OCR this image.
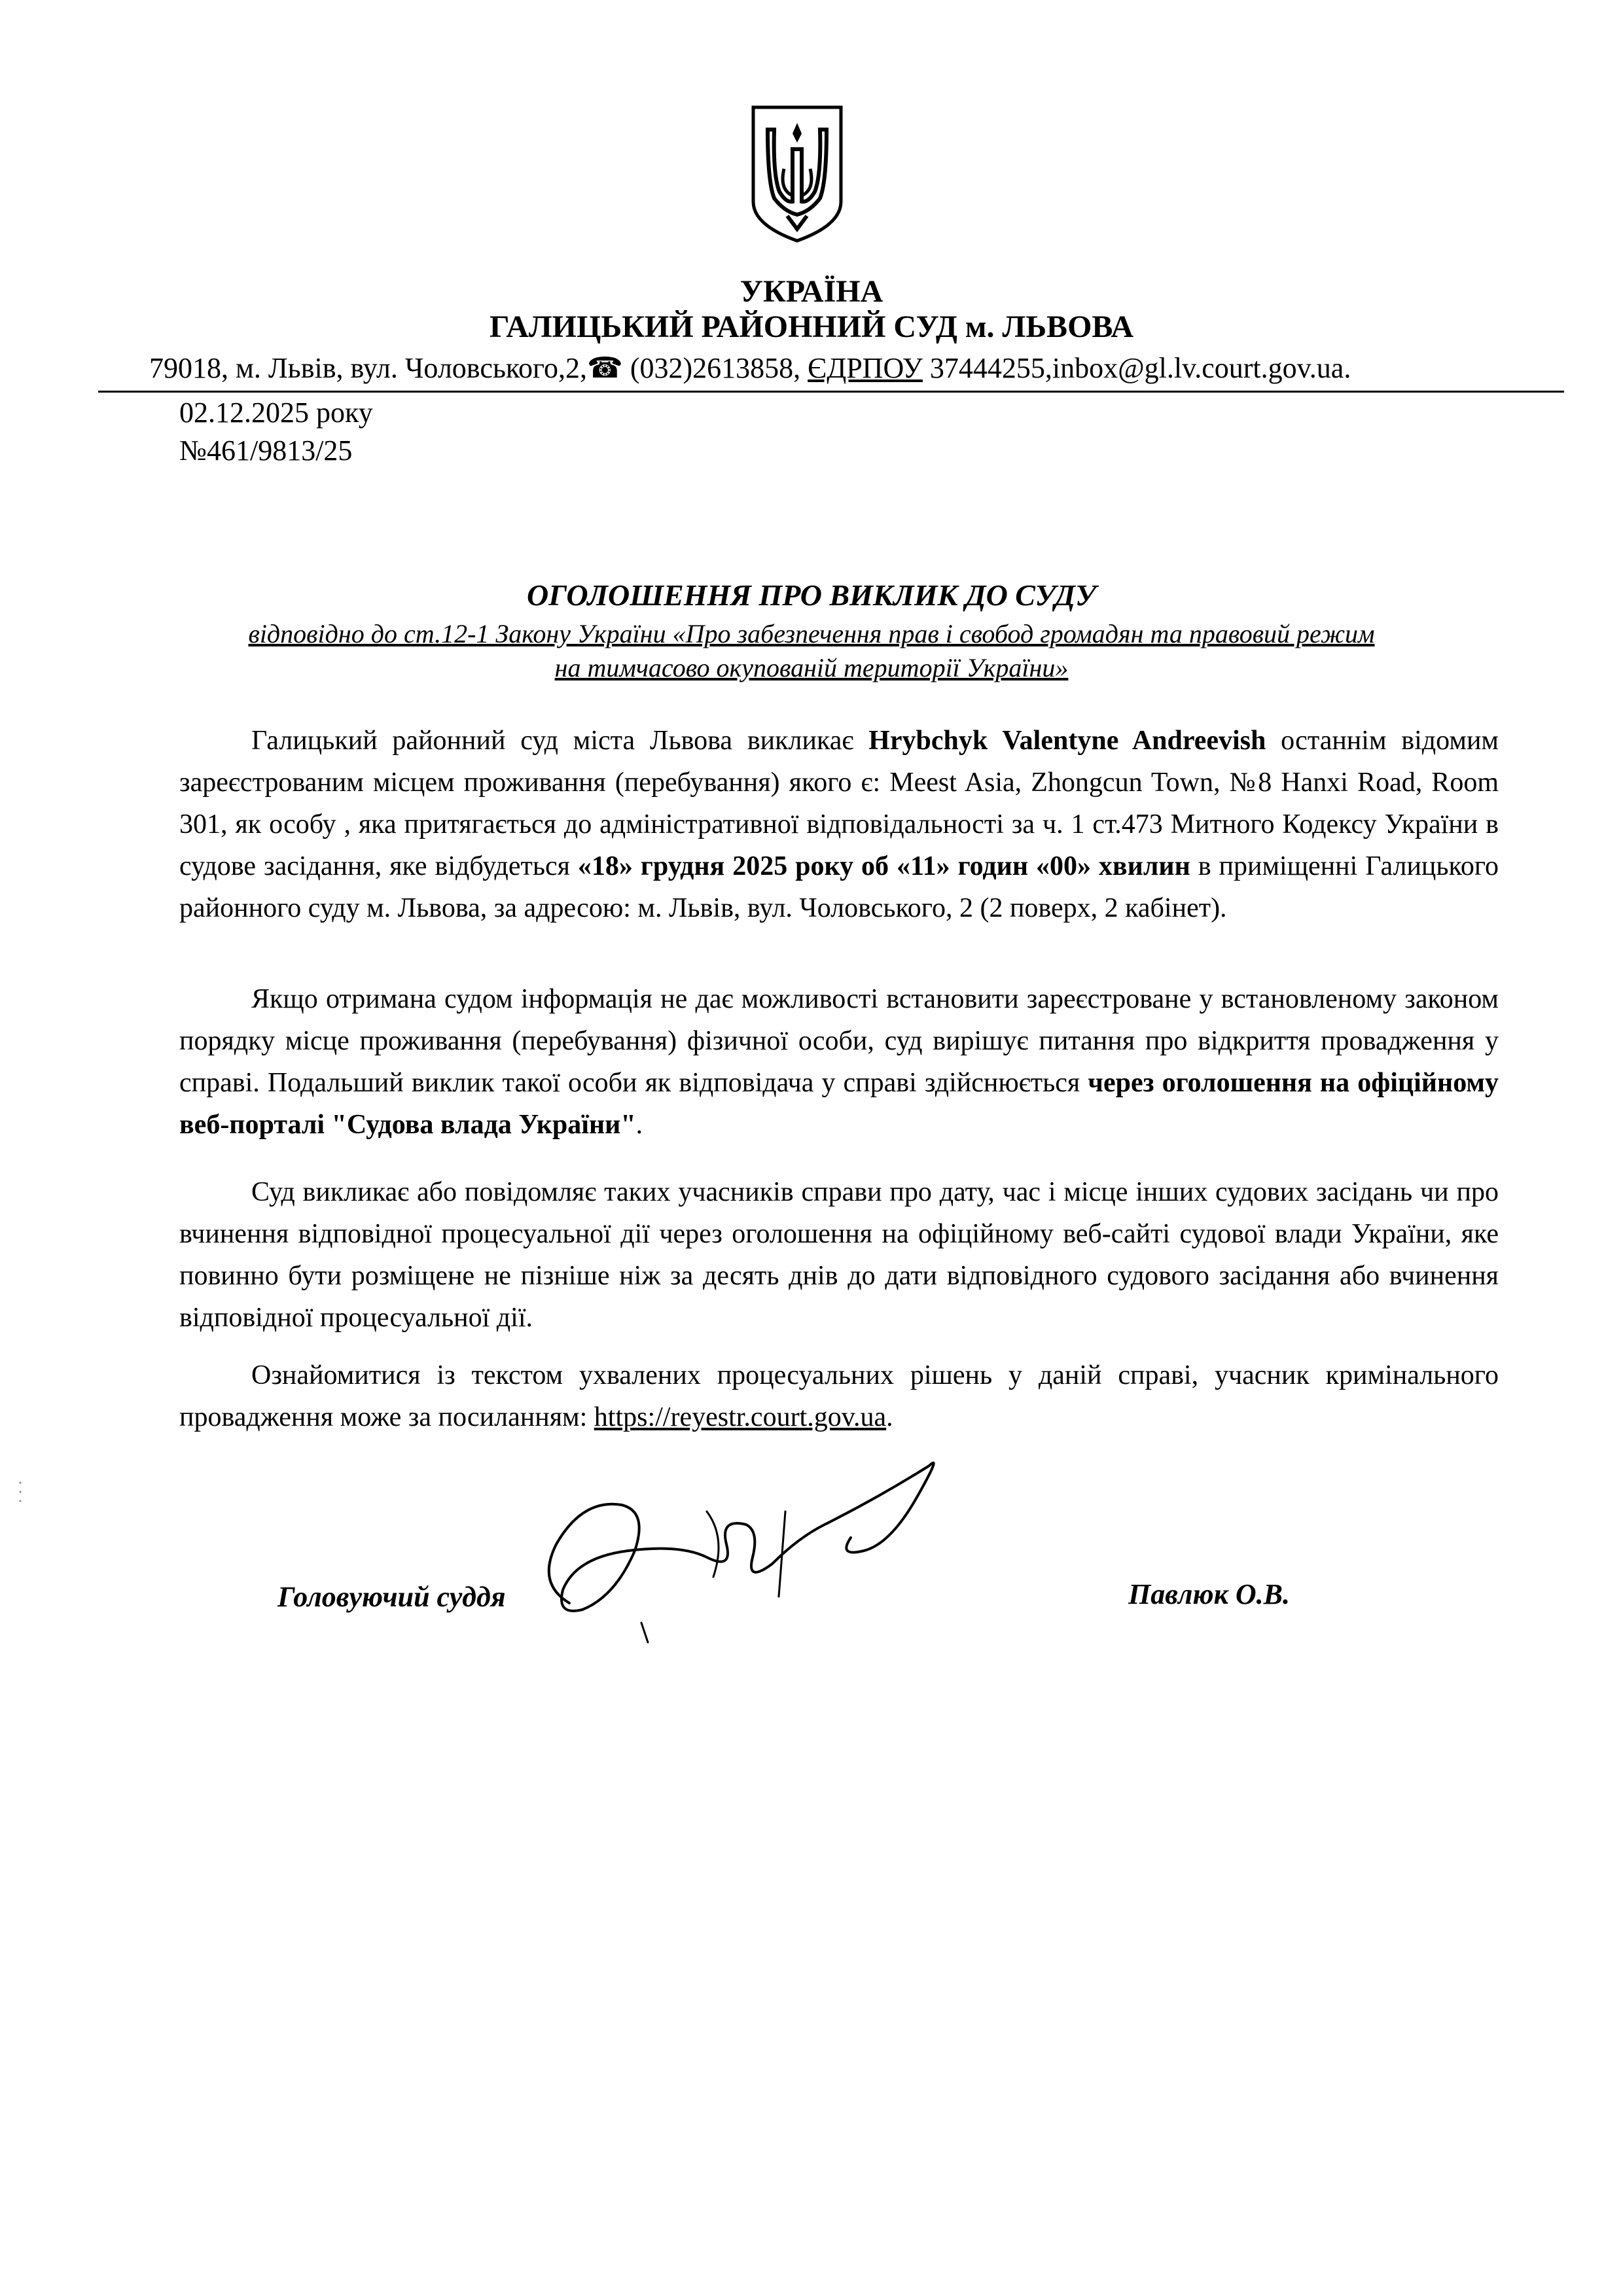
УКРАЇНА
ГАЛИЦЬКИЙ РАЙОННИЙ СУД м. ЛЬВОВА
79018, м. Львів, вул. Чоловського,2,☎ (032)2613858, ЄДРПОУ 37444255,inbox@gl.lv.court.gov.ua.
02.12.2025 року
№461/9813/25
ОГОЛОШЕННЯ ПРО ВИКЛИК ДО СУДУ
відповідно до ст.12-1 Закону України «Про забезпечення прав і свобод громадян та правовий режим
на тимчасово окупованій території України»

Галицький районний суд міста Львова викликає Hrybchyk Valentyne Andreevish останнім відомим зареєстрованим місцем проживання (перебування) якого є: Meest Asia, Zhongcun Town, №8 Hanxi Road, Room 301, як особу , яка притягається до адміністративної відповідальності за ч. 1 ст.473 Митного Кодексу України в судове засідання, яке відбудеться «18» грудня 2025 року об «11» годин «00» хвилин в приміщенні Галицького районного суду м. Львова, за адресою: м. Львів, вул. Чоловського, 2 (2 поверх, 2 кабінет).

Якщо отримана судом інформація не дає можливості встановити зареєстроване у встановленому законом порядку місце проживання (перебування) фізичної особи, суд вирішує питання про відкриття провадження у справі. Подальший виклик такої особи як відповідача у справі здійснюється через оголошення на офіційному веб-порталі "Судова влада України".

Суд викликає або повідомляє таких учасників справи про дату, час і місце інших судових засідань чи про вчинення відповідної процесуальної дії через оголошення на офіційному веб-сайті судової влади України, яке повинно бути розміщене не пізніше ніж за десять днів до дати відповідного судового засідання або вчинення відповідної процесуальної дії.

Ознайомитися із текстом ухвалених процесуальних рішень у даній справі, учасник кримінального провадження може за посиланням: https://reyestr.court.gov.ua.

Головуючий суддя	Павлюк О.В.
